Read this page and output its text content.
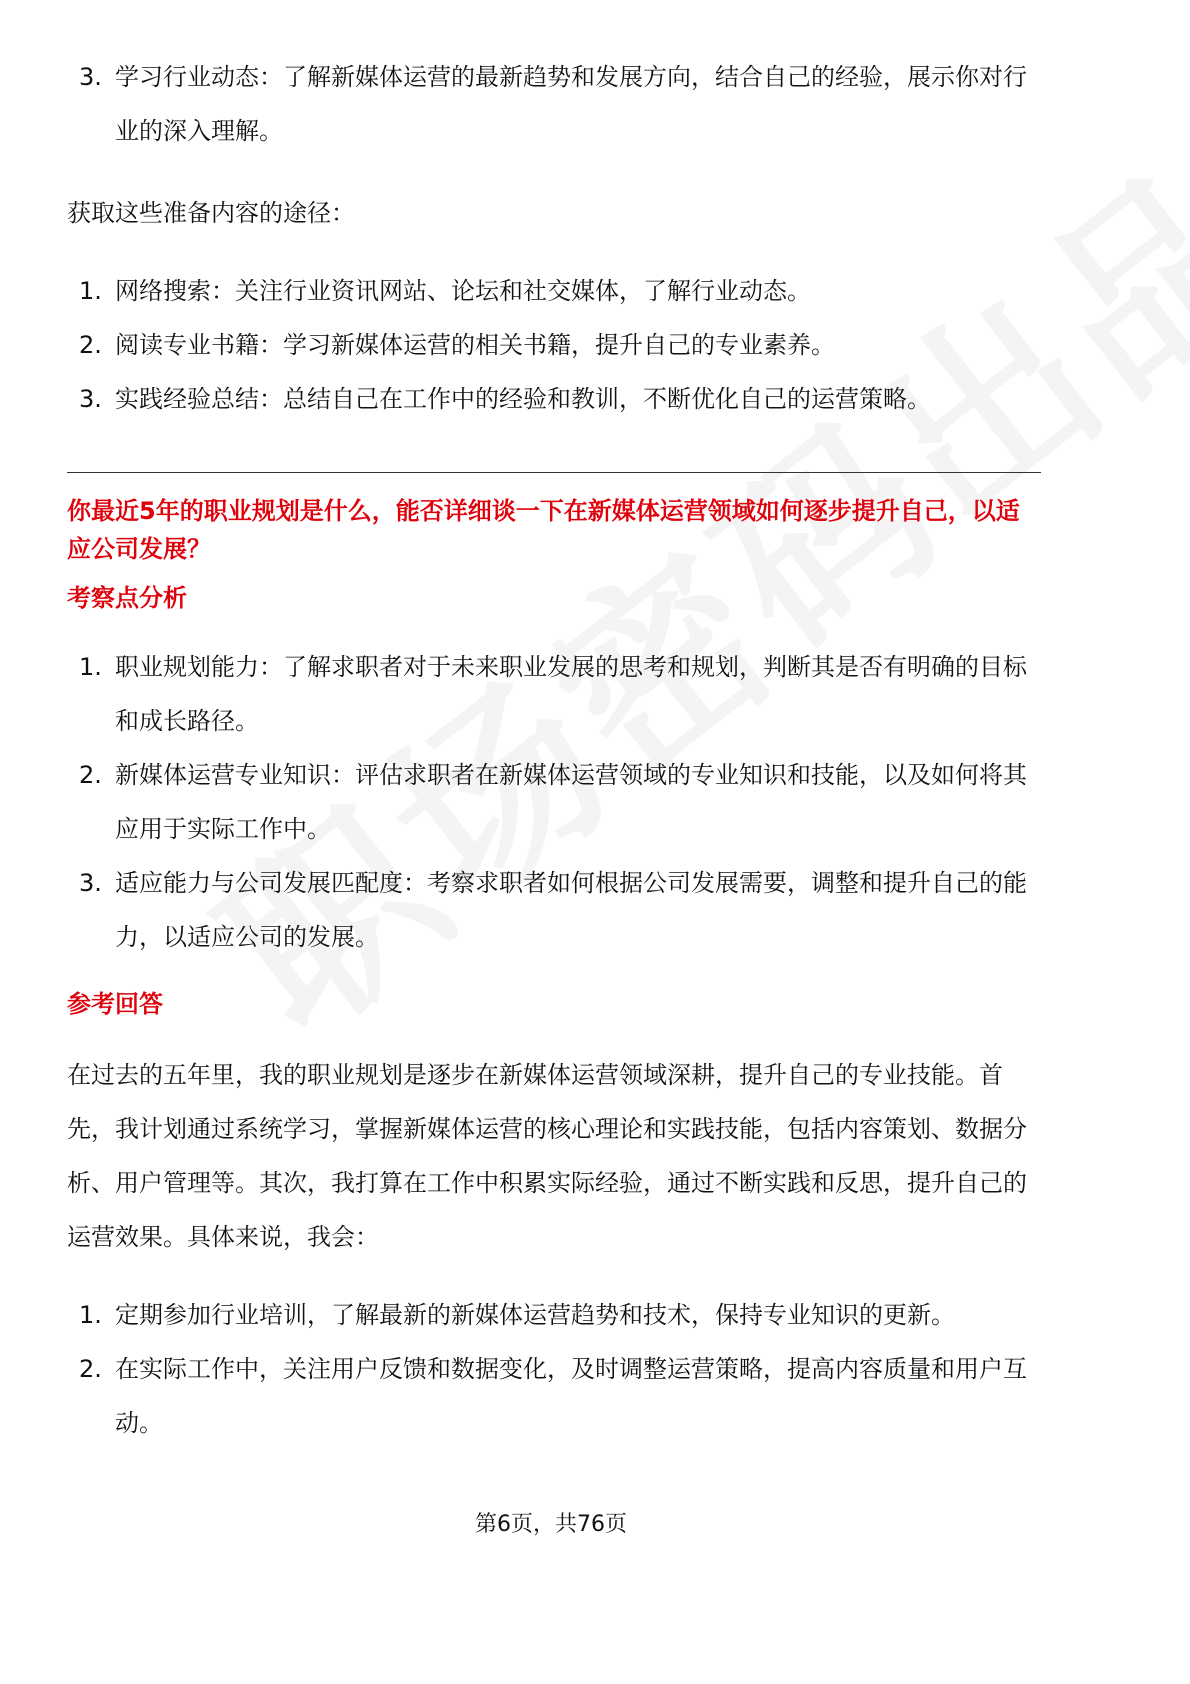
3. 学习行业动态：了解新媒体运营的最新趋势和发展方向，结合自己的经验，展示你对行业的深入理解。

获取这些准备内容的途径：

1. 网络搜索：关注行业资讯网站、论坛和社交媒体，了解行业动态。
2. 阅读专业书籍：学习新媒体运营的相关书籍，提升自己的专业素养。
3. 实践经验总结：总结自己在工作中的经验和教训，不断优化自己的运营策略。

你最近5年的职业规划是什么，能否详细谈一下在新媒体运营领域如何逐步提升自己，以适应公司发展？

考察点分析

1. 职业规划能力：了解求职者对于未来职业发展的思考和规划，判断其是否有明确的目标和成长路径。
2. 新媒体运营专业知识：评估求职者在新媒体运营领域的专业知识和技能，以及如何将其应用于实际工作中。
3. 适应能力与公司发展匹配度：考察求职者如何根据公司发展需要，调整和提升自己的能力，以适应公司的发展。

参考回答

在过去的五年里，我的职业规划是逐步在新媒体运营领域深耕，提升自己的专业技能。首先，我计划通过系统学习，掌握新媒体运营的核心理论和实践技能，包括内容策划、数据分析、用户管理等。其次，我打算在工作中积累实际经验，通过不断实践和反思，提升自己的运营效果。具体来说，我会：

1. 定期参加行业培训，了解最新的新媒体运营趋势和技术，保持专业知识的更新。
2. 在实际工作中，关注用户反馈和数据变化，及时调整运营策略，提高内容质量和用户互动。
第6页，共76页
